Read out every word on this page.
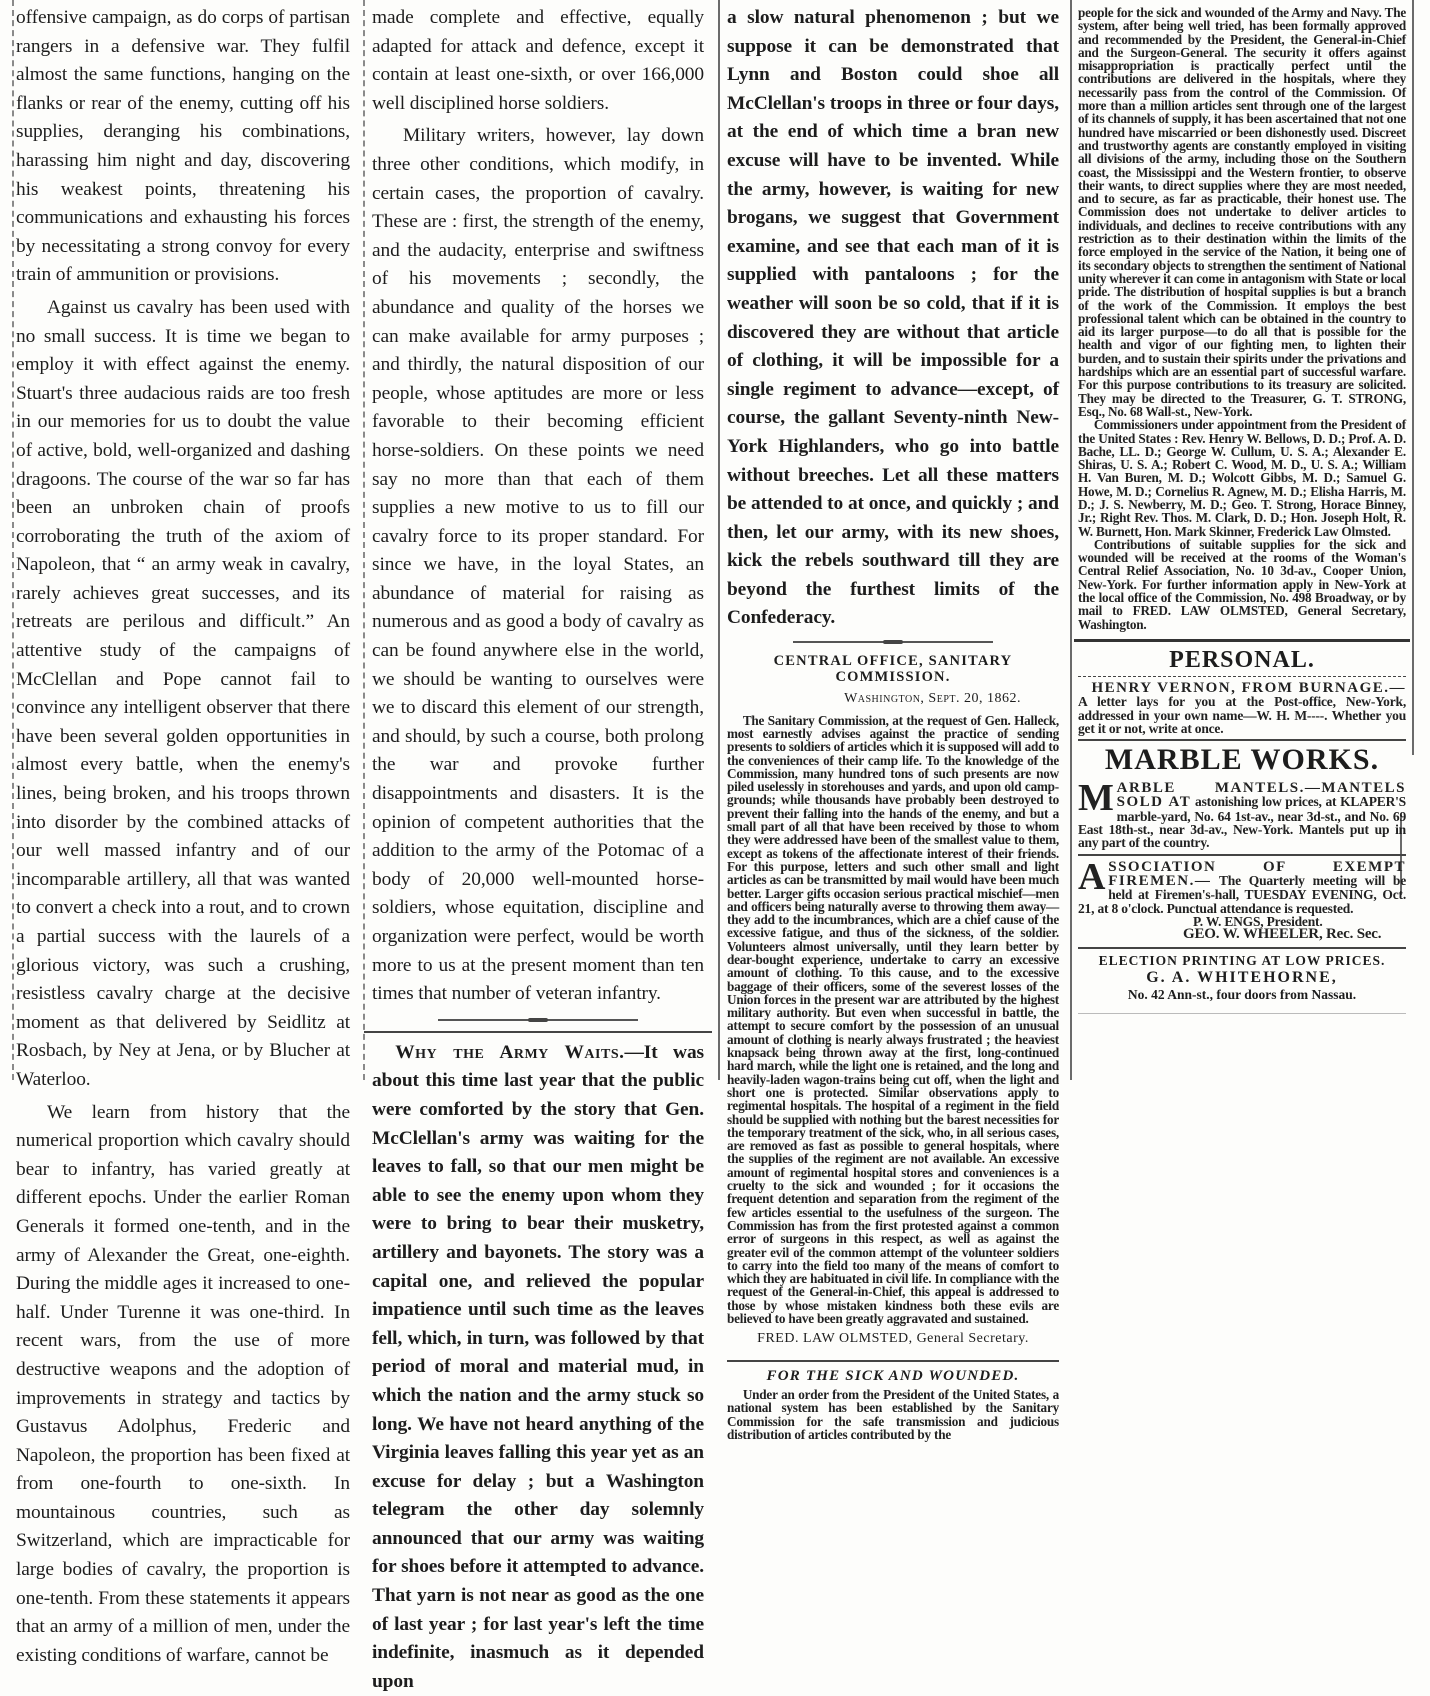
offensive campaign, as do corps of partisan rangers in a defensive war. They fulfil almost the same functions, hanging on the flanks or rear of the enemy, cutting off his supplies, deranging his combinations, harassing him night and day, discovering his weakest points, threatening his communications and exhausting his forces by necessitating a strong convoy for every train of ammunition or provisions.

Against us cavalry has been used with no small success. It is time we began to employ it with effect against the enemy. Stuart's three audacious raids are too fresh in our memories for us to doubt the value of active, bold, well-organized and dashing dragoons. The course of the war so far has been an unbroken chain of proofs corroborating the truth of the axiom of Napoleon, that “ an army weak in cavalry, rarely achieves great successes, and its retreats are perilous and difficult.” An attentive study of the campaigns of McClellan and Pope cannot fail to convince any intelligent observer that there have been several golden opportunities in almost every battle, when the enemy's lines, being broken, and his troops thrown into disorder by the combined attacks of our well massed infantry and of our incomparable artillery, all that was wanted to convert a check into a rout, and to crown a partial success with the laurels of a glorious victory, was such a crushing, resistless cavalry charge at the decisive moment as that delivered by Seidlitz at Rosbach, by Ney at Jena, or by Blucher at Waterloo.

We learn from history that the numerical proportion which cavalry should bear to infantry, has varied greatly at different epochs. Under the earlier Roman Generals it formed one-tenth, and in the army of Alexander the Great, one-eighth. During the middle ages it increased to one-half. Under Turenne it was one-third. In recent wars, from the use of more destructive weapons and the adoption of improvements in strategy and tactics by Gustavus Adolphus, Frederic and Napoleon, the proportion has been fixed at from one-fourth to one-sixth. In mountainous countries, such as Switzerland, which are impracticable for large bodies of cavalry, the proportion is one-tenth. From these statements it appears that an army of a million of men, under the existing conditions of warfare, cannot be

made complete and effective, equally adapted for attack and defence, except it contain at least one-sixth, or over 166,000 well disciplined horse soldiers.

Military writers, however, lay down three other conditions, which modify, in certain cases, the proportion of cavalry. These are : first, the strength of the enemy, and the audacity, enterprise and swiftness of his movements ; secondly, the abundance and quality of the horses we can make available for army purposes ; and thirdly, the natural disposition of our people, whose aptitudes are more or less favorable to their becoming efficient horse-soldiers. On these points we need say no more than that each of them supplies a new motive to us to fill our cavalry force to its proper standard. For since we have, in the loyal States, an abundance of material for raising as numerous and as good a body of cavalry as can be found anywhere else in the world, we should be wanting to ourselves were we to discard this element of our strength, and should, by such a course, both prolong the war and provoke further disappointments and disasters. It is the opinion of competent authorities that the addition to the army of the Potomac of a body of 20,000 well-mounted horse-soldiers, whose equitation, discipline and organization were perfect, would be worth more to us at the present moment than ten times that number of veteran infantry.

Why the Army Waits.—It was about this time last year that the public were comforted by the story that Gen. McClellan's army was waiting for the leaves to fall, so that our men might be able to see the enemy upon whom they were to bring to bear their musketry, artillery and bayonets. The story was a capital one, and relieved the popular impatience until such time as the leaves fell, which, in turn, was followed by that period of moral and material mud, in which the nation and the army stuck so long. We have not heard anything of the Virginia leaves falling this year yet as an excuse for delay ; but a Washington telegram the other day solemnly announced that our army was waiting for shoes before it attempted to advance. That yarn is not near as good as the one of last year ; for last year's left the time indefinite, inasmuch as it depended upon

a slow natural phenomenon ; but we suppose it can be demonstrated that Lynn and Boston could shoe all McClellan's troops in three or four days, at the end of which time a bran new excuse will have to be invented. While the army, however, is waiting for new brogans, we suggest that Government examine, and see that each man of it is supplied with pantaloons ; for the weather will soon be so cold, that if it is discovered they are without that article of clothing, it will be impossible for a single regiment to advance—except, of course, the gallant Seventy-ninth New-York Highlanders, who go into battle without breeches. Let all these matters be attended to at once, and quickly ; and then, let our army, with its new shoes, kick the rebels southward till they are beyond the furthest limits of the Confederacy.

CENTRAL OFFICE, SANITARY COMMISSION.
Washington, Sept. 20, 1862.

The Sanitary Commission, at the request of Gen. Halleck, most earnestly advises against the practice of sending presents to soldiers of articles which it is supposed will add to the conveniences of their camp life. To the knowledge of the Commission, many hundred tons of such presents are now piled uselessly in storehouses and yards, and upon old camp-grounds; while thousands have probably been destroyed to prevent their falling into the hands of the enemy, and but a small part of all that have been received by those to whom they were addressed have been of the smallest value to them, except as tokens of the affectionate interest of their friends. For this purpose, letters and such other small and light articles as can be transmitted by mail would have been much better. Larger gifts occasion serious practical mischief—men and officers being naturally averse to throwing them away—they add to the incumbrances, which are a chief cause of the excessive fatigue, and thus of the sickness, of the soldier. Volunteers almost universally, until they learn better by dear-bought experience, undertake to carry an excessive amount of clothing. To this cause, and to the excessive baggage of their officers, some of the severest losses of the Union forces in the present war are attributed by the highest military authority. But even when successful in battle, the attempt to secure comfort by the possession of an unusual amount of clothing is nearly always frustrated ; the heaviest knapsack being thrown away at the first, long-continued hard march, while the light one is retained, and the long and heavily-laden wagon-trains being cut off, when the light and short one is protected. Similar observations apply to regimental hospitals. The hospital of a regiment in the field should be supplied with nothing but the barest necessities for the temporary treatment of the sick, who, in all serious cases, are removed as fast as possible to general hospitals, where the supplies of the regiment are not available. An excessive amount of regimental hospital stores and conveniences is a cruelty to the sick and wounded ; for it occasions the frequent detention and separation from the regiment of the few articles essential to the usefulness of the surgeon. The Commission has from the first protested against a common error of surgeons in this respect, as well as against the greater evil of the common attempt of the volunteer soldiers to carry into the field too many of the means of comfort to which they are habituated in civil life. In compliance with the request of the General-in-Chief, this appeal is addressed to those by whose mistaken kindness both these evils are believed to have been greatly aggravated and sustained.

FRED. LAW OLMSTED, General Secretary.
FOR THE SICK AND WOUNDED.

Under an order from the President of the United States, a national system has been established by the Sanitary Commission for the safe transmission and judicious distribution of articles contributed by the

people for the sick and wounded of the Army and Navy. The system, after being well tried, has been formally approved and recommended by the President, the General-in-Chief and the Surgeon-General. The security it offers against misappropriation is practically perfect until the contributions are delivered in the hospitals, where they necessarily pass from the control of the Commission. Of more than a million articles sent through one of the largest of its channels of supply, it has been ascertained that not one hundred have miscarried or been dishonestly used. Discreet and trustworthy agents are constantly employed in visiting all divisions of the army, including those on the Southern coast, the Mississippi and the Western frontier, to observe their wants, to direct supplies where they are most needed, and to secure, as far as practicable, their honest use. The Commission does not undertake to deliver articles to individuals, and declines to receive contributions with any restriction as to their destination within the limits of the force employed in the service of the Nation, it being one of its secondary objects to strengthen the sentiment of National unity wherever it can come in antagonism with State or local pride. The distribution of hospital supplies is but a branch of the work of the Commission. It employs the best professional talent which can be obtained in the country to aid its larger purpose—to do all that is possible for the health and vigor of our fighting men, to lighten their burden, and to sustain their spirits under the privations and hardships which are an essential part of successful warfare. For this purpose contributions to its treasury are solicited. They may be directed to the Treasurer, G. T. STRONG, Esq., No. 68 Wall-st., New-York.

Commissioners under appointment from the President of the United States : Rev. Henry W. Bellows, D. D.; Prof. A. D. Bache, LL. D.; George W. Cullum, U. S. A.; Alexander E. Shiras, U. S. A.; Robert C. Wood, M. D., U. S. A.; William H. Van Buren, M. D.; Wolcott Gibbs, M. D.; Samuel G. Howe, M. D.; Cornelius R. Agnew, M. D.; Elisha Harris, M. D.; J. S. Newberry, M. D.; Geo. T. Strong, Horace Binney, Jr.; Right Rev. Thos. M. Clark, D. D.; Hon. Joseph Holt, R. W. Burnett, Hon. Mark Skinner, Frederick Law Olmsted.

Contributions of suitable supplies for the sick and wounded will be received at the rooms of the Woman's Central Relief Association, No. 10 3d-av., Cooper Union, New-York. For further information apply in New-York at the local office of the Commission, No. 498 Broadway, or by mail to FRED. LAW OLMSTED, General Secretary, Washington.

PERSONAL.

HENRY VERNON, FROM BURNAGE.— A letter lays for you at the Post-office, New-York, addressed in your own name—W. H. M----. Whether you get it or not, write at once.

MARBLE WORKS.
M ARBLE MANTELS.—MANTELS SOLD AT astonishing low prices, at KLAPER'S marble-yard, No. 64 1st-av., near 3d-st., and No. 69 East 18th-st., near 3d-av., New-York. Mantels put up in any part of the country.

A SSOCIATION OF EXEMPT FIREMEN.— The Quarterly meeting will be held at Firemen's-hall, TUESDAY EVENING, Oct. 21, at 8 o'clock. Punctual attendance is requested.

P. W. ENGS, President.
GEO. W. WHEELER, Rec. Sec.
ELECTION PRINTING AT LOW PRICES.
G. A. WHITEHORNE,
No. 42 Ann-st., four doors from Nassau.
